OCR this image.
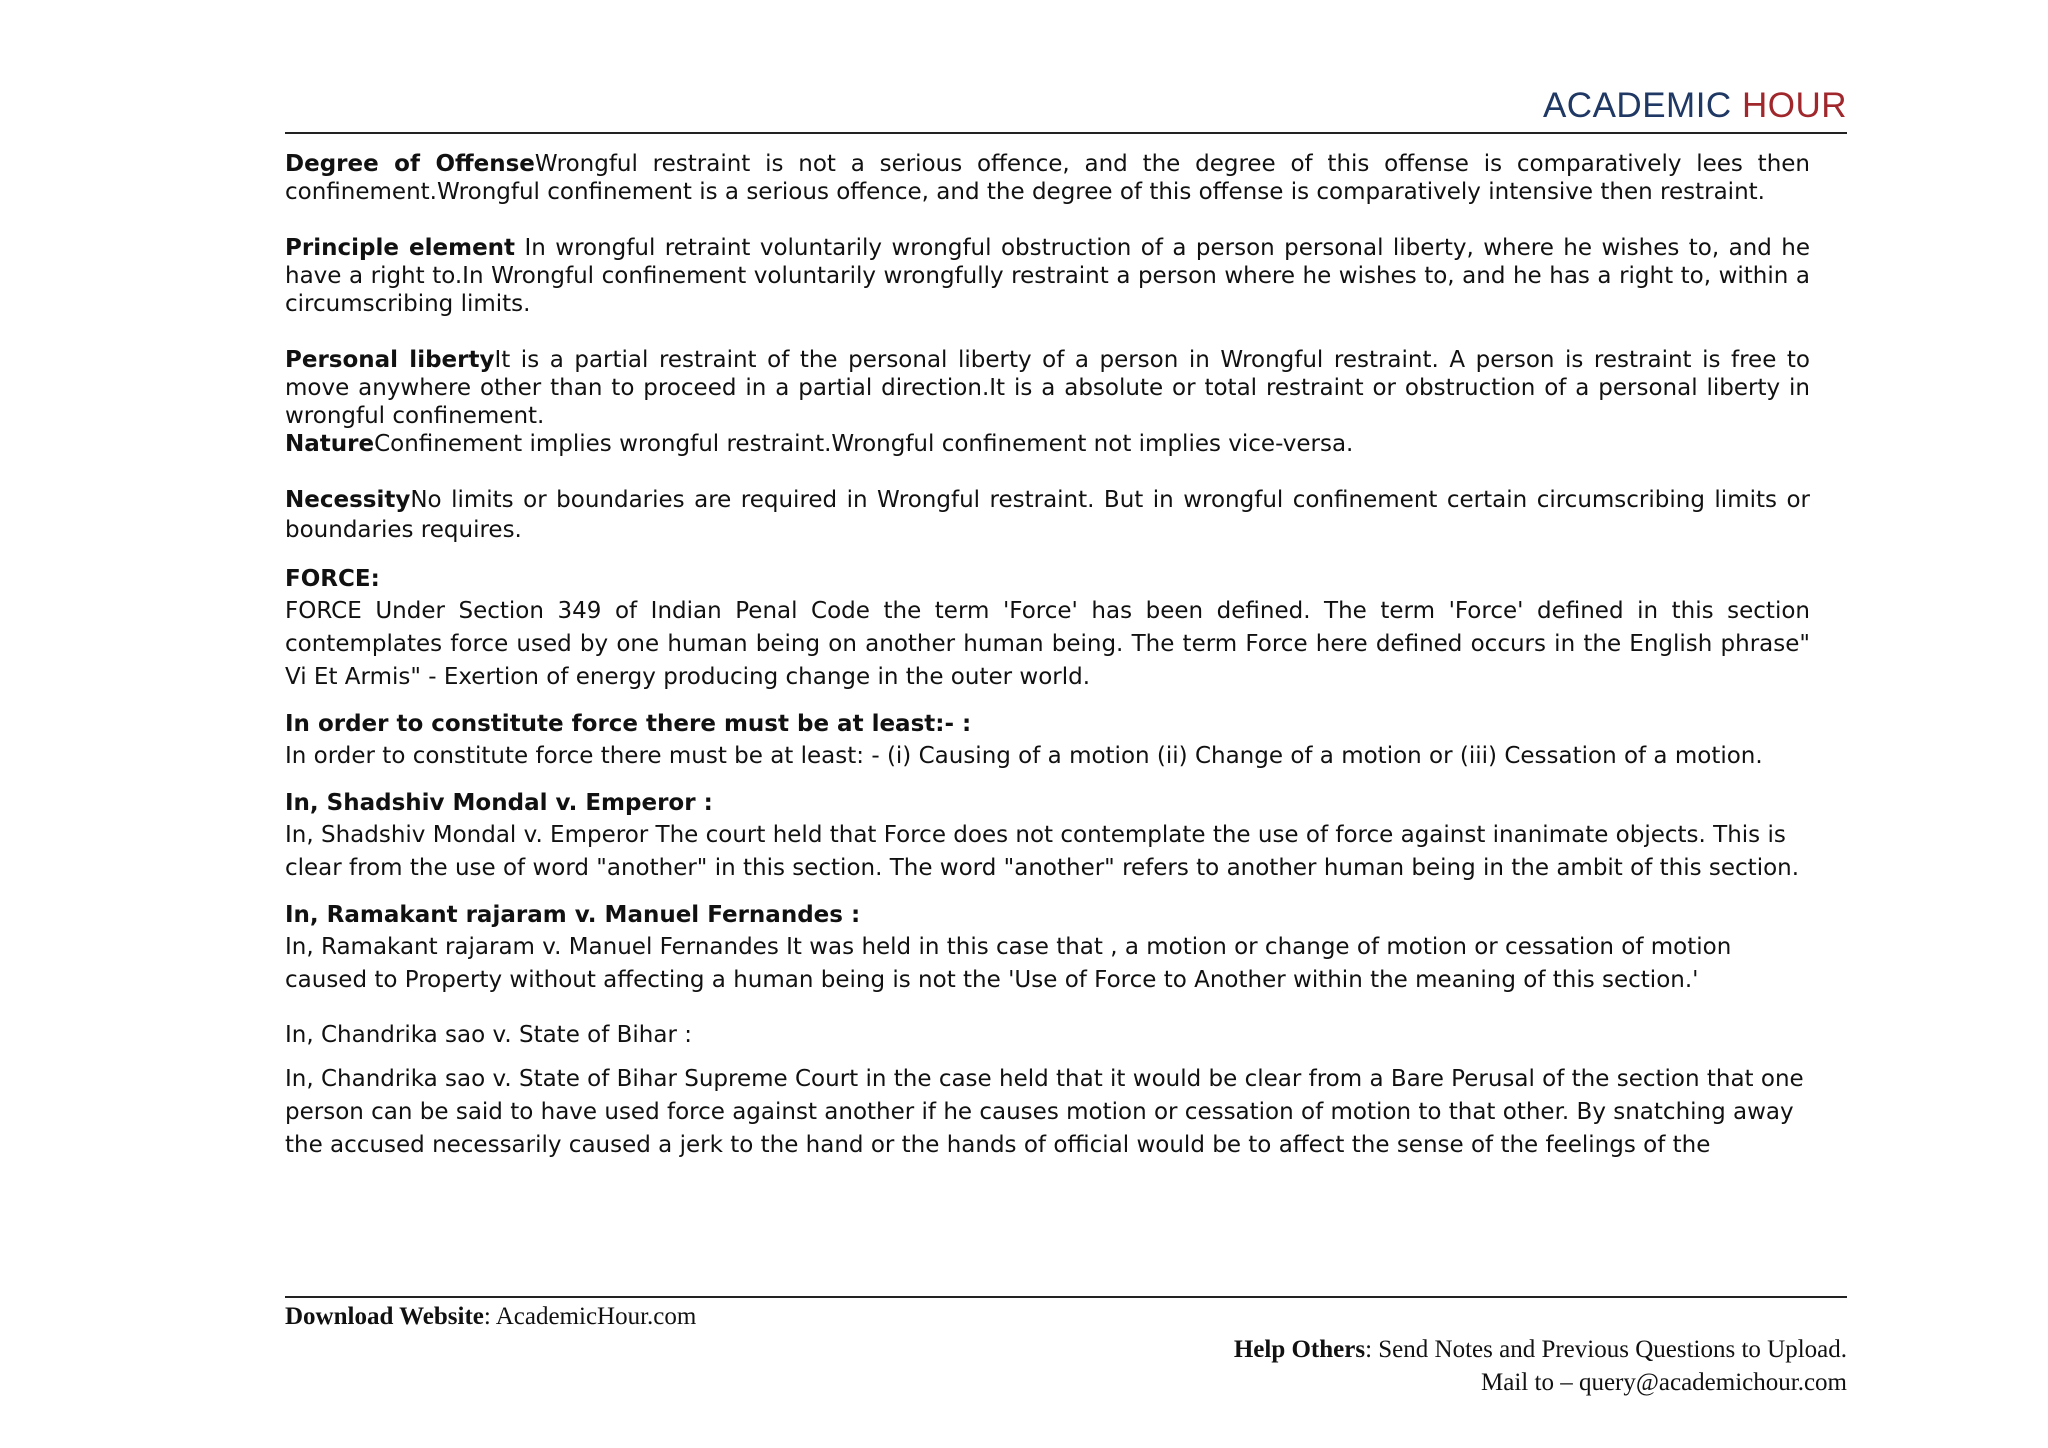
ACADEMIC HOUR

Degree of OffenseWrongful restraint is not a serious offence, and the degree of this offense is comparatively lees then confinement.Wrongful confinement is a serious offence, and the degree of this offense is comparatively intensive then restraint.

Principle element In wrongful retraint voluntarily wrongful obstruction of a person personal liberty, where he wishes to, and he have a right to.In Wrongful confinement voluntarily wrongfully restraint a person where he wishes to, and he has a right to, within a circumscribing limits.

Personal libertyIt is a partial restraint of the personal liberty of a person in Wrongful restraint. A person is restraint is free to move anywhere other than to proceed in a partial direction.It is a absolute or total restraint or obstruction of a personal liberty in wrongful confinement.

NatureConfinement implies wrongful restraint.Wrongful confinement not implies vice-versa.

NecessityNo limits or boundaries are required in Wrongful restraint. But in wrongful confinement certain circumscribing limits or boundaries requires.

FORCE:

FORCE Under Section 349 of Indian Penal Code the term 'Force' has been defined. The term 'Force' defined in this section contemplates force used by one human being on another human being. The term Force here defined occurs in the English phrase" Vi Et Armis" - Exertion of energy producing change in the outer world.

In order to constitute force there must be at least:- :

In order to constitute force there must be at least: - (i) Causing of a motion (ii) Change of a motion or (iii) Cessation of a motion.

In, Shadshiv Mondal v. Emperor :

In, Shadshiv Mondal v. Emperor The court held that Force does not contemplate the use of force against inanimate objects. This is clear from the use of word "another" in this section. The word "another" refers to another human being in the ambit of this section.

In, Ramakant rajaram v. Manuel Fernandes :

In, Ramakant rajaram v. Manuel Fernandes It was held in this case that , a motion or change of motion or cessation of motion caused to Property without affecting a human being is not the 'Use of Force to Another within the meaning of this section.'

In, Chandrika sao v. State of Bihar :

In, Chandrika sao v. State of Bihar Supreme Court in the case held that it would be clear from a Bare Perusal of the section that one person can be said to have used force against another if he causes motion or cessation of motion to that other. By snatching away the accused necessarily caused a jerk to the hand or the hands of official would be to affect the sense of the feelings of the

Download Website: AcademicHour.com
Help Others: Send Notes and Previous Questions to Upload.
Mail to – query@academichour.com
